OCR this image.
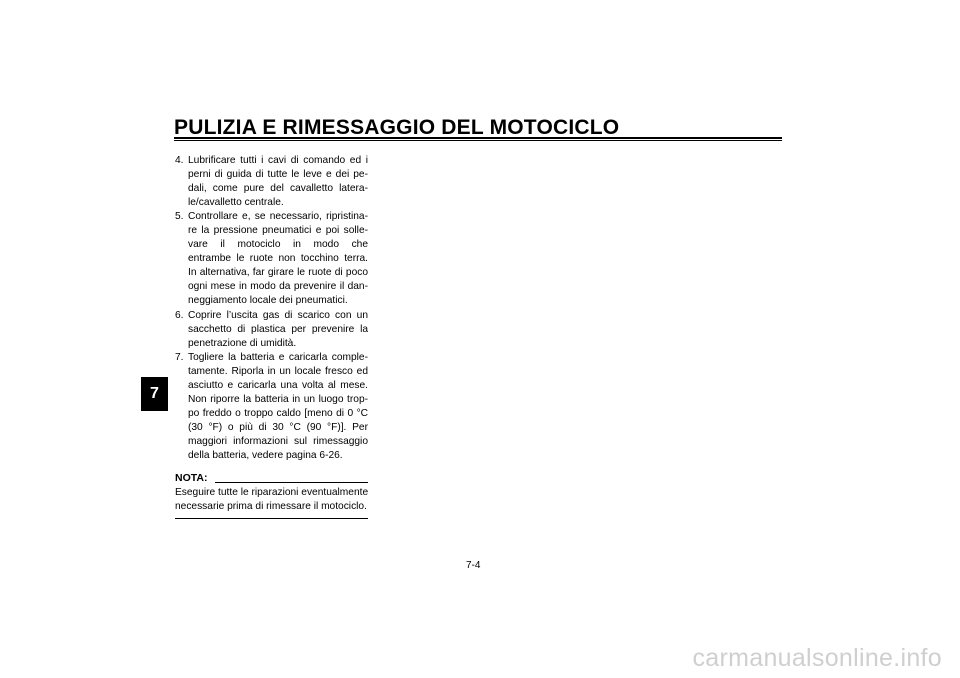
PULIZIA E RIMESSAGGIO DEL MOTOCICLO
7
4. Lubrificare tutti i cavi di comando ed i
perni di guida di tutte le leve e dei pe-
dali, come pure del cavalletto latera-
le/cavalletto centrale.
5. Controllare e, se necessario, ripristina-
re la pressione pneumatici e poi solle-
vare il motociclo in modo che
entrambe le ruote non tocchino terra.
In alternativa, far girare le ruote di poco
ogni mese in modo da prevenire il dan-
neggiamento locale dei pneumatici.
6. Coprire l’uscita gas di scarico con un
sacchetto di plastica per prevenire la
penetrazione di umidità.
7. Togliere la batteria e caricarla comple-
tamente. Riporla in un locale fresco ed
asciutto e caricarla una volta al mese.
Non riporre la batteria in un luogo trop-
po freddo o troppo caldo [meno di 0 °C
(30 °F) o più di 30 °C (90 °F)]. Per
maggiori informazioni sul rimessaggio
della batteria, vedere pagina 6-26.
NOTA:
Eseguire tutte le riparazioni eventualmente
necessarie prima di rimessare il motociclo.
7-4
carmanualsonline.info
